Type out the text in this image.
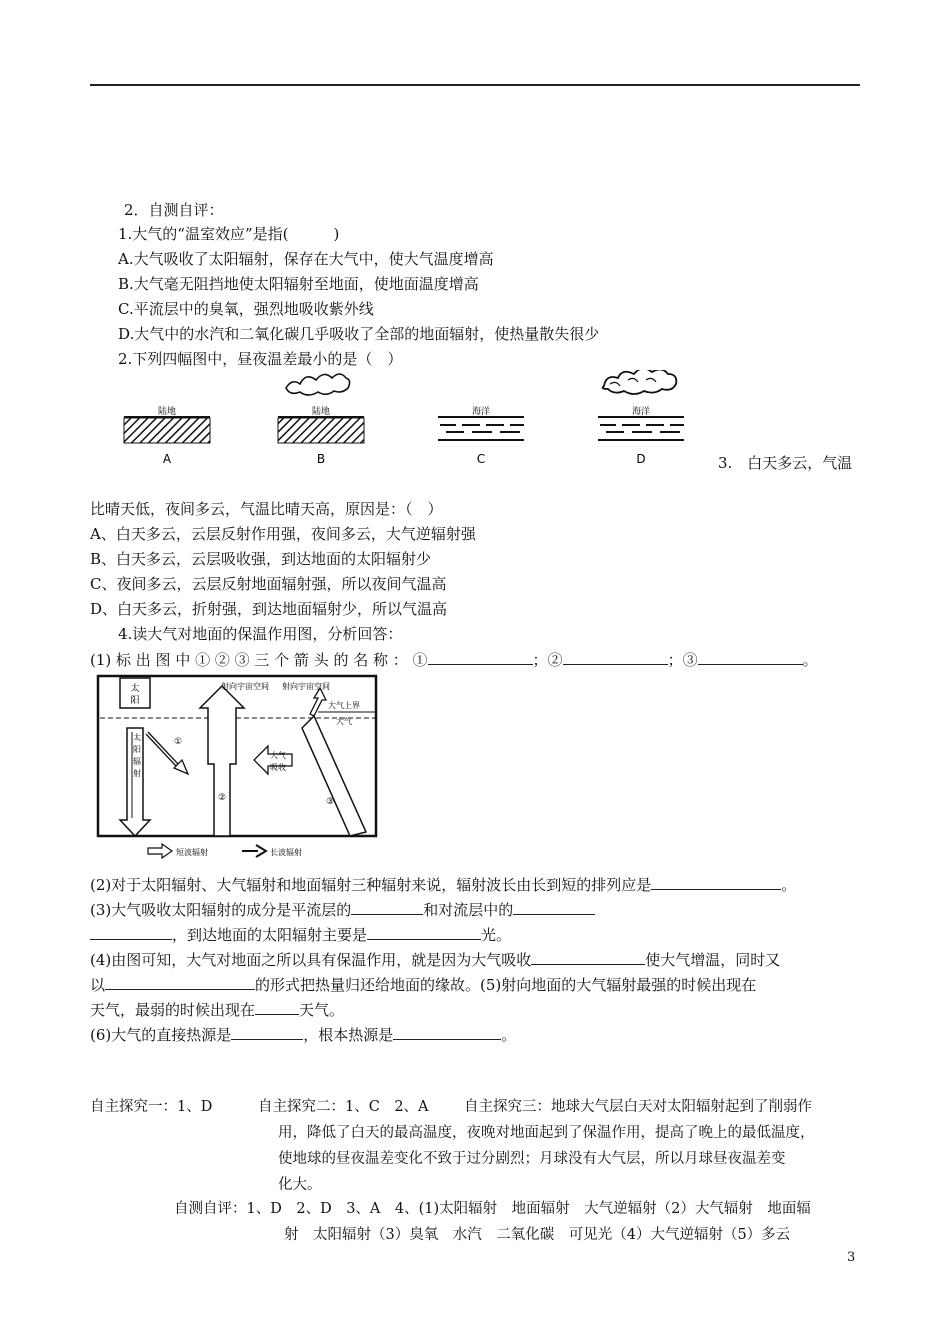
2．自测自评：
1.大气的“温室效应”是指(　　　)
A.大气吸收了太阳辐射，保存在大气中，使大气温度增高
B.大气毫无阻挡地使太阳辐射至地面，使地面温度增高
C.平流层中的臭氧，强烈地吸收紫外线
D.大气中的水汽和二氧化碳几乎吸收了全部的地面辐射，使热量散失很少
2.下列四幅图中，昼夜温差最小的是（　）
陆地
A
陆地
B
海洋
C
海洋
D	3.　白天多云，气温
比晴天低，夜间多云，气温比晴天高，原因是：（　）
A、白天多云，云层反射作用强，夜间多云，大气逆辐射强
B、白天多云，云层吸收强，到达地面的太阳辐射少
C、夜间多云，云层反射地面辐射强，所以夜间气温高
D、白天多云，折射强，到达地面辐射少，所以气温高
4.读大气对地面的保温作用图，分析回答：
(1) 标 出 图 中 ① ② ③ 三 个 箭 头 的 名 称 ： ①	；②	；③	。
太
阳
太
阳
辐
射
①
②
射向宇宙空间
③
射向宇宙空间
大气上界
大气
大气
吸收
短波辐射	长波辐射
(2)对于太阳辐射、大气辐射和地面辐射三种辐射来说，辐射波长由长到短的排列应是	。
(3)大气吸收太阳辐射的成分是平流层的	和对流层中的
，到达地面的太阳辐射主要是	光。
(4)由图可知，大气对地面之所以具有保温作用，就是因为大气吸收	使大气增温，同时又
以	的形式把热量归还给地面的缘故。(5)射向地面的大气辐射最强的时候出现在
天气，最弱的时候出现在	天气。
(6)大气的直接热源是	，根本热源是	。
自主探究一：1、D	自主探究二：1、C　2、A 自主探究三：地球大气层白天对太阳辐射起到了削弱作
用，降低了白天的最高温度，夜晚对地面起到了保温作用，提高了晚上的最低温度，
使地球的昼夜温差变化不致于过分剧烈；月球没有大气层，所以月球昼夜温差变
化大。
自测自评：1、D　2、D　3、A　4、(1)太阳辐射　地面辐射　大气逆辐射（2）大气辐射　地面辐
射　太阳辐射（3）臭氧　水汽　二氧化碳　可见光（4）大气逆辐射（5）多云
3
